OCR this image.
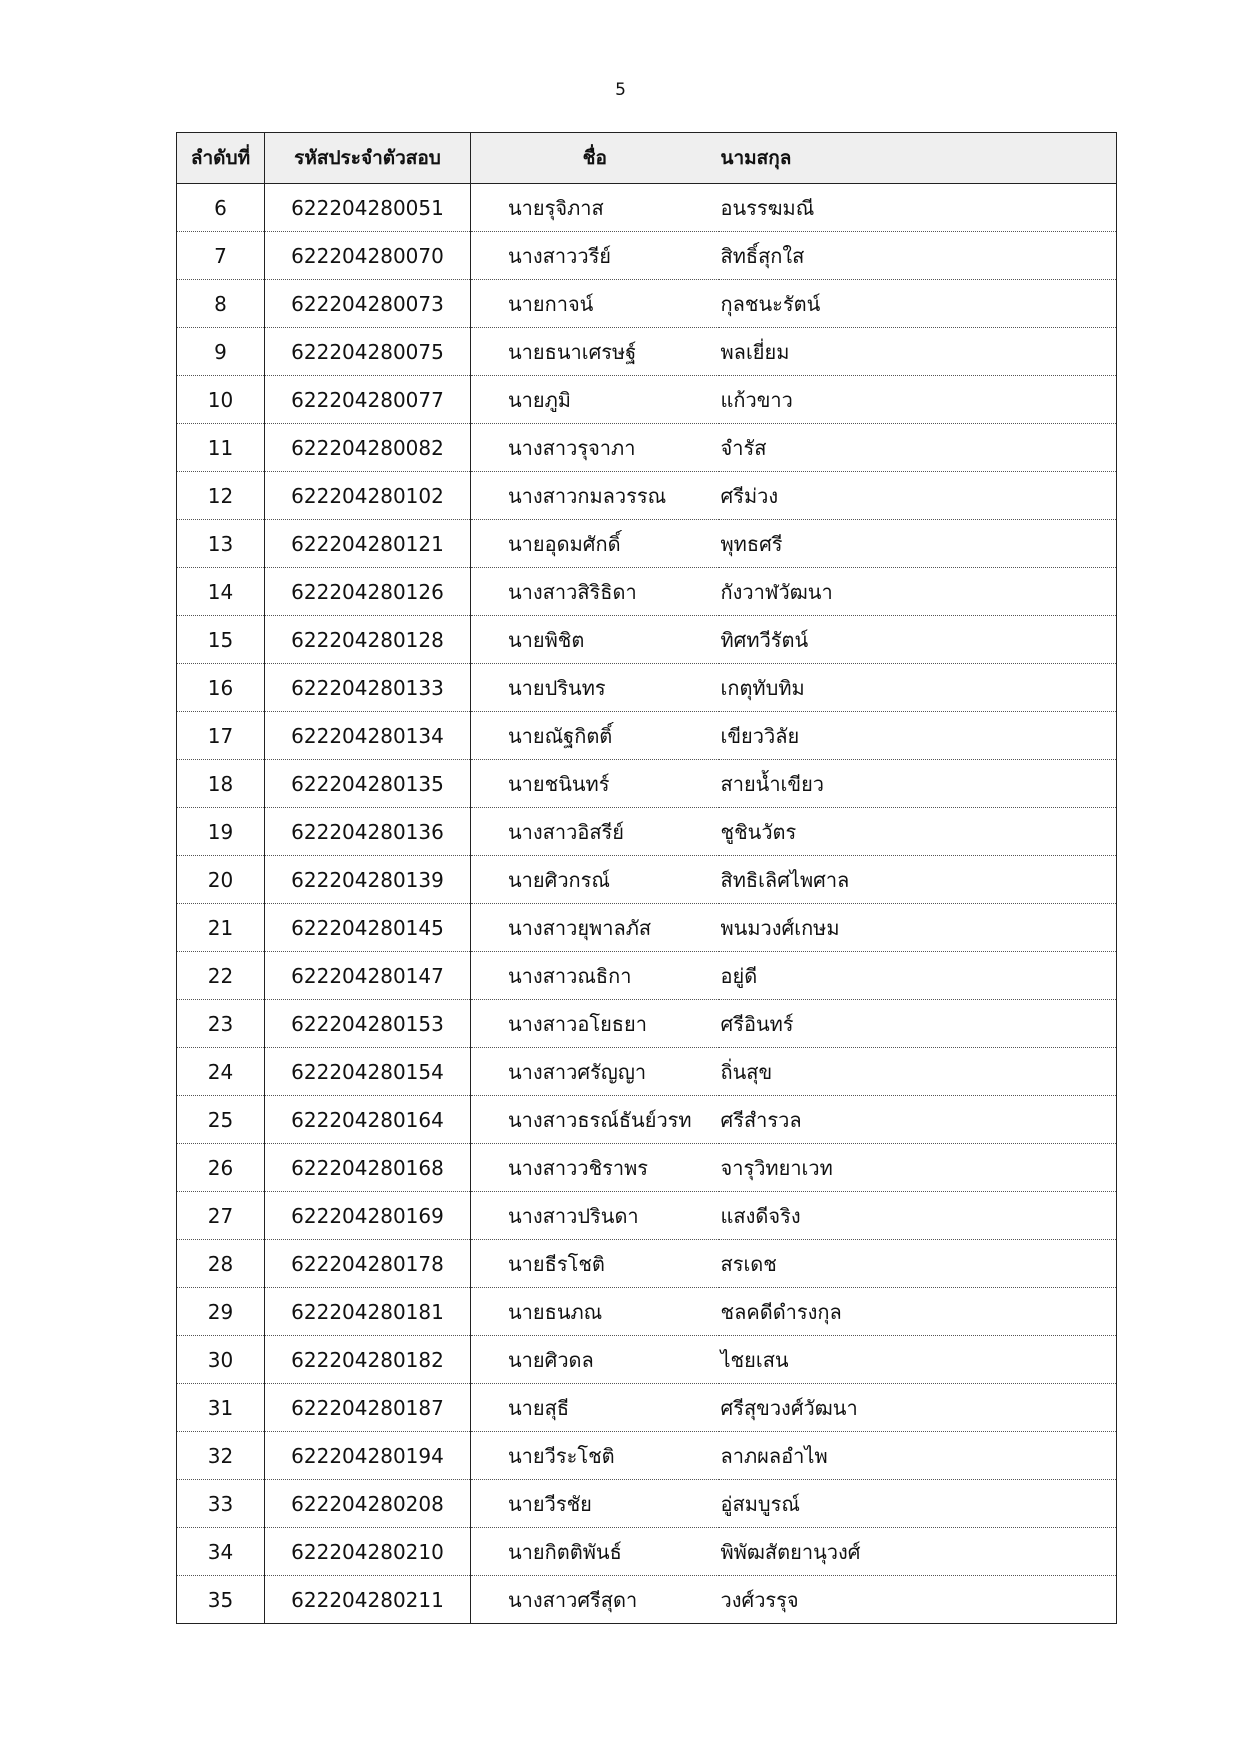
5
ลำดับที่	รหัสประจำตัวสอบ	ชื่อ	นามสกุล
6	622204280051	นายรุจิภาส	อนรรฆมณี
7	622204280070	นางสาววรีย์	สิทธิ์สุกใส
8	622204280073	นายกาจน์	กุลชนะรัตน์
9	622204280075	นายธนาเศรษฐ์	พลเยี่ยม
10	622204280077	นายภูมิ	แก้วขาว
11	622204280082	นางสาวรุจาภา	จำรัส
12	622204280102	นางสาวกมลวรรณ	ศรีม่วง
13	622204280121	นายอุดมศักดิ์	พุทธศรี
14	622204280126	นางสาวสิริธิดา	กังวาฬวัฒนา
15	622204280128	นายพิชิต	ทิศทวีรัตน์
16	622204280133	นายปรินทร	เกตุทับทิม
17	622204280134	นายณัฐกิตติ์	เขียววิลัย
18	622204280135	นายชนินทร์	สายน้ำเขียว
19	622204280136	นางสาวอิสรีย์	ชูชินวัตร
20	622204280139	นายศิวกรณ์	สิทธิเลิศไพศาล
21	622204280145	นางสาวยุพาลภัส	พนมวงศ์เกษม
22	622204280147	นางสาวณธิกา	อยู่ดี
23	622204280153	นางสาวอโยธยา	ศรีอินทร์
24	622204280154	นางสาวศรัญญา	ถิ่นสุข
25	622204280164	นางสาวธรณ์ธันย์วรท	ศรีสำรวล
26	622204280168	นางสาววชิราพร	จารุวิทยาเวท
27	622204280169	นางสาวปรินดา	แสงดีจริง
28	622204280178	นายธีรโชติ	สรเดช
29	622204280181	นายธนภณ	ชลคดีดำรงกุล
30	622204280182	นายศิวดล	ไชยเสน
31	622204280187	นายสุธี	ศรีสุขวงศ์วัฒนา
32	622204280194	นายวีระโชติ	ลาภผลอำไพ
33	622204280208	นายวีรชัย	อู่สมบูรณ์
34	622204280210	นายกิตติพันธ์	พิพัฒสัตยานุวงศ์
35	622204280211	นางสาวศรีสุดา	วงศ์วรรุจ
